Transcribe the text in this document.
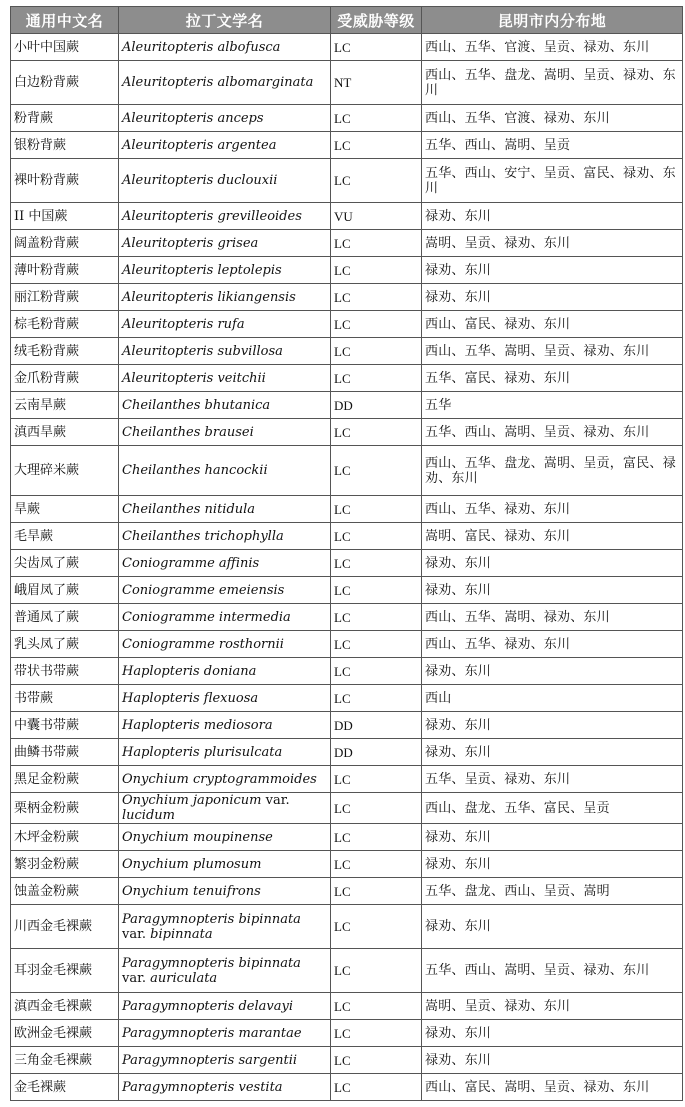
通用中文名	拉丁文学名	受威胁等级	昆明市内分布地
小叶中国蕨	Aleuritopteris albofusca	LC	西山、五华、官渡、呈贡、禄劝、东川
白边粉背蕨	Aleuritopteris albomarginata	NT	西山、五华、盘龙、嵩明、呈贡、禄劝、东川
粉背蕨	Aleuritopteris anceps	LC	西山、五华、官渡、禄劝、东川
银粉背蕨	Aleuritopteris argentea	LC	五华、西山、嵩明、呈贡
裸叶粉背蕨	Aleuritopteris duclouxii	LC	五华、西山、安宁、呈贡、富民、禄劝、东川
II 中国蕨	Aleuritopteris grevilleoides	VU	禄劝、东川
阔盖粉背蕨	Aleuritopteris grisea	LC	嵩明、呈贡、禄劝、东川
薄叶粉背蕨	Aleuritopteris leptolepis	LC	禄劝、东川
丽江粉背蕨	Aleuritopteris likiangensis	LC	禄劝、东川
棕毛粉背蕨	Aleuritopteris rufa	LC	西山、富民、禄劝、东川
绒毛粉背蕨	Aleuritopteris subvillosa	LC	西山、五华、嵩明、呈贡、禄劝、东川
金爪粉背蕨	Aleuritopteris veitchii	LC	五华、富民、禄劝、东川
云南旱蕨	Cheilanthes bhutanica	DD	五华
滇西旱蕨	Cheilanthes brausei	LC	五华、西山、嵩明、呈贡、禄劝、东川
大理碎米蕨	Cheilanthes hancockii	LC	西山、五华、盘龙、嵩明、呈贡，富民、禄劝、东川
旱蕨	Cheilanthes nitidula	LC	西山、五华、禄劝、东川
毛旱蕨	Cheilanthes trichophylla	LC	嵩明、富民、禄劝、东川
尖齿凤了蕨	Coniogramme affinis	LC	禄劝、东川
峨眉凤了蕨	Coniogramme emeiensis	LC	禄劝、东川
普通凤了蕨	Coniogramme intermedia	LC	西山、五华、嵩明、禄劝、东川
乳头凤了蕨	Coniogramme rosthornii	LC	西山、五华、禄劝、东川
带状书带蕨	Haplopteris doniana	LC	禄劝、东川
书带蕨	Haplopteris flexuosa	LC	西山
中囊书带蕨	Haplopteris mediosora	DD	禄劝、东川
曲鳞书带蕨	Haplopteris plurisulcata	DD	禄劝、东川
黑足金粉蕨	Onychium cryptogrammoides	LC	五华、呈贡、禄劝、东川
栗柄金粉蕨	Onychium japonicum var. lucidum	LC	西山、盘龙、五华、富民、呈贡
木坪金粉蕨	Onychium moupinense	LC	禄劝、东川
繁羽金粉蕨	Onychium plumosum	LC	禄劝、东川
蚀盖金粉蕨	Onychium tenuifrons	LC	五华、盘龙、西山、呈贡、嵩明
川西金毛裸蕨	Paragymnopteris bipinnata var. bipinnata	LC	禄劝、东川
耳羽金毛裸蕨	Paragymnopteris bipinnata var. auriculata	LC	五华、西山、嵩明、呈贡、禄劝、东川
滇西金毛裸蕨	Paragymnopteris delavayi	LC	嵩明、呈贡、禄劝、东川
欧洲金毛裸蕨	Paragymnopteris marantae	LC	禄劝、东川
三角金毛裸蕨	Paragymnopteris sargentii	LC	禄劝、东川
金毛裸蕨	Paragymnopteris vestita	LC	西山、富民、嵩明、呈贡、禄劝、东川
